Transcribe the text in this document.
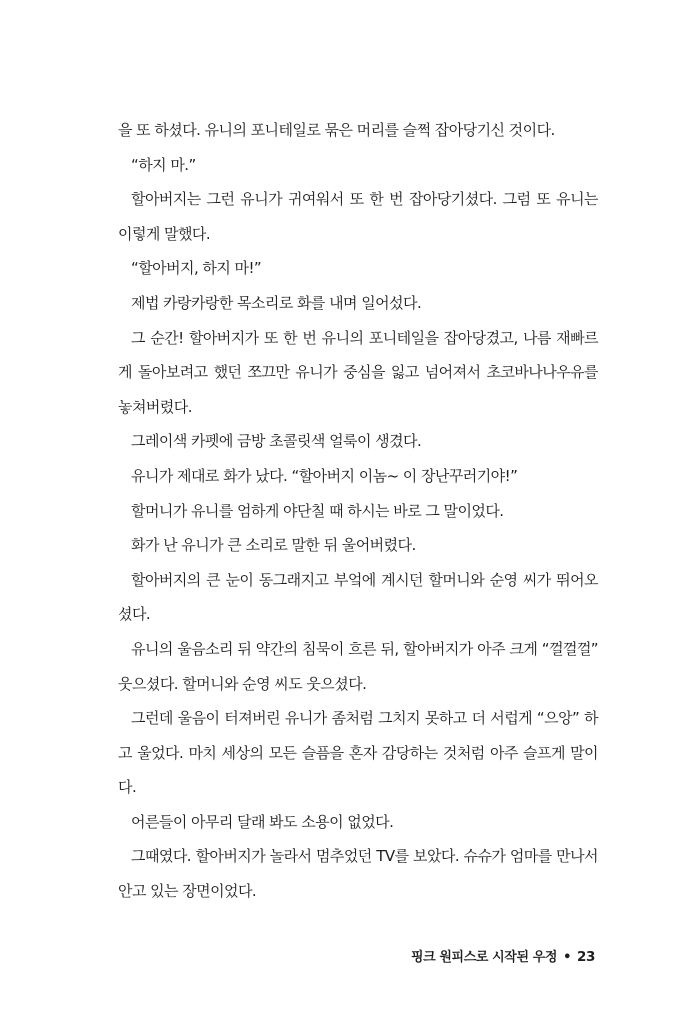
을 또 하셨다. 유니의 포니테일로 묶은 머리를 슬쩍 잡아당기신 것이다.

“하지 마.”

할아버지는 그런 유니가 귀여워서 또 한 번 잡아당기셨다. 그럼 또 유니는 이렇게 말했다.

“할아버지, 하지 마!”

제법 카랑카랑한 목소리로 화를 내며 일어섰다.

그 순간! 할아버지가 또 한 번 유니의 포니테일을 잡아당겼고, 나름 재빠르게 돌아보려고 했던 쪼끄만 유니가 중심을 잃고 넘어져서 초코바나나우유를 놓쳐버렸다.

그레이색 카펫에 금방 초콜릿색 얼룩이 생겼다.

유니가 제대로 화가 났다. “할아버지 이놈~ 이 장난꾸러기야!”

할머니가 유니를 엄하게 야단칠 때 하시는 바로 그 말이었다.

화가 난 유니가 큰 소리로 말한 뒤 울어버렸다.

할아버지의 큰 눈이 동그래지고 부엌에 계시던 할머니와 순영 씨가 뛰어오셨다.

유니의 울음소리 뒤 약간의 침묵이 흐른 뒤, 할아버지가 아주 크게 “껄껄껄” 웃으셨다. 할머니와 순영 씨도 웃으셨다.

그런데 울음이 터져버린 유니가 좀처럼 그치지 못하고 더 서럽게 “으앙” 하고 울었다. 마치 세상의 모든 슬픔을 혼자 감당하는 것처럼 아주 슬프게 말이다.

어른들이 아무리 달래 봐도 소용이 없었다.

그때였다. 할아버지가 놀라서 멈추었던 TV를 보았다. 슈슈가 엄마를 만나서 안고 있는 장면이었다.

핑크 원피스로 시작된 우정 • 23
